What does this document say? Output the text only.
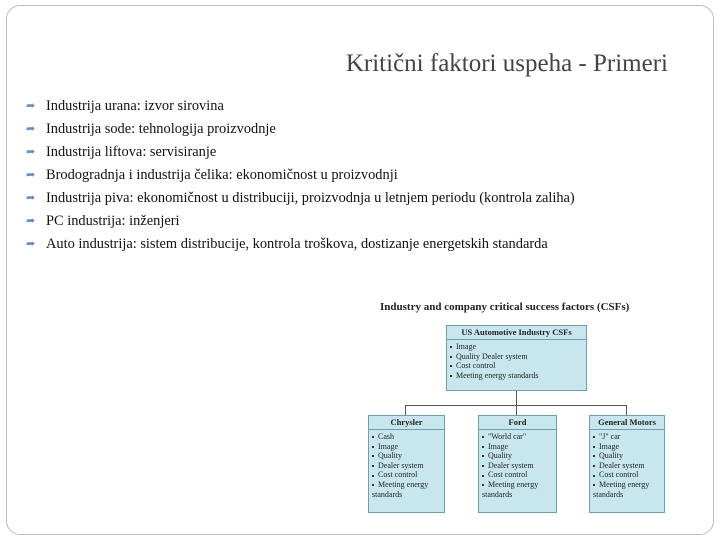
Kritični faktori uspeha - Primeri
➦ Industrija urana: izvor sirovina
➦ Industrija sode: tehnologija proizvodnje
➦ Industrija liftova: servisiranje
➦ Brodogradnja i industrija čelika: ekonomičnost u proizvodnji
➦ Industrija piva: ekonomičnost u distribuciji, proizvodnja u letnjem periodu (kontrola zaliha)
➦ PC industrija: inženjeri
➦ Auto industrija: sistem distribucije, kontrola troškova, dostizanje energetskih standarda
Industry and company critical success factors (CSFs)
US Automotive Industry CSFs
Image
Quality Dealer system
Cost control
Meeting energy standards
Chrysler
Cash
Image
Quality
Dealer system
Cost control
Meeting energy standards
Ford
"World car"
Image
Quality
Dealer system
Cost control
Meeting energy standards
General Motors
"J" car
Image
Quality
Dealer system
Cost control
Meeting energy standards
